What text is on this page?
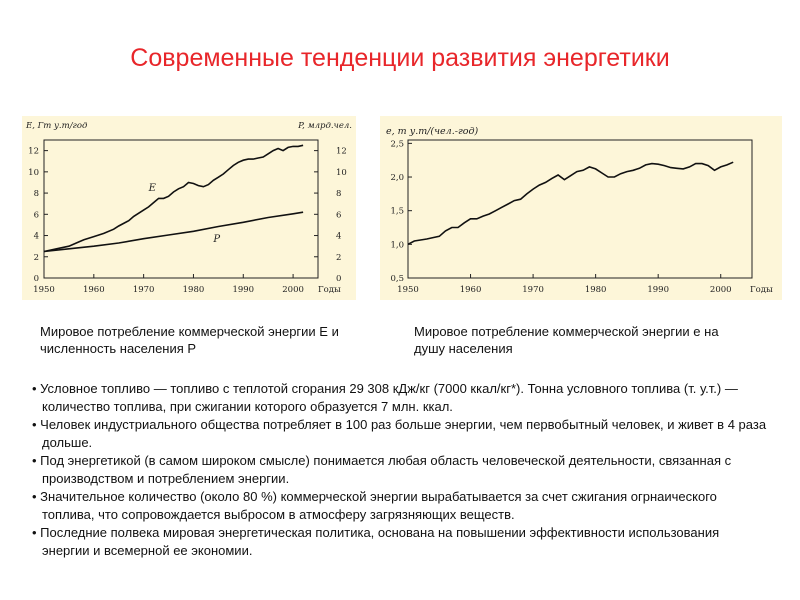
Современные тенденции развития энергетики
E, Гт у.т/год	P, млрд.чел.
0	0
2	2
4	4
6	6
8	8
10	10
12	12
1950	1960	1970	1980	1990	2000 Годы
E
P
e, т у.т/(чел.-год)
0,5
1,0
1,5
2,0
2,5
1950	1960	1970	1980	1990	2000 Годы
Мировое потребление коммерческой энергии E и численность населения P
Мировое потребление коммерческой энергии e на душу населения
• Условное топливо — топливо с теплотой сгорания 29 308 кДж/кг (7000 ккал/кг*). Тонна условного топлива (т. у.т.) — количество топлива, при сжигании которого образуется 7 млн. ккал.
• Человек индустриального общества потребляет в 100 раз больше энергии, чем первобытный человек, и живет в 4 раза дольше.
• Под энергетикой (в самом широком смысле) понимается любая область человеческой деятельности, связанная с производством и потреблением энергии.
• Значительное количество (около 80 %) коммерческой энергии вырабатывается за счет сжигания огрнаического топлива, что сопровождается выбросом в атмосферу загрязняющих веществ.
• Последние полвека мировая энергетическая политика, основана на повышении эффективности использования энергии и всемерной ее экономии.
